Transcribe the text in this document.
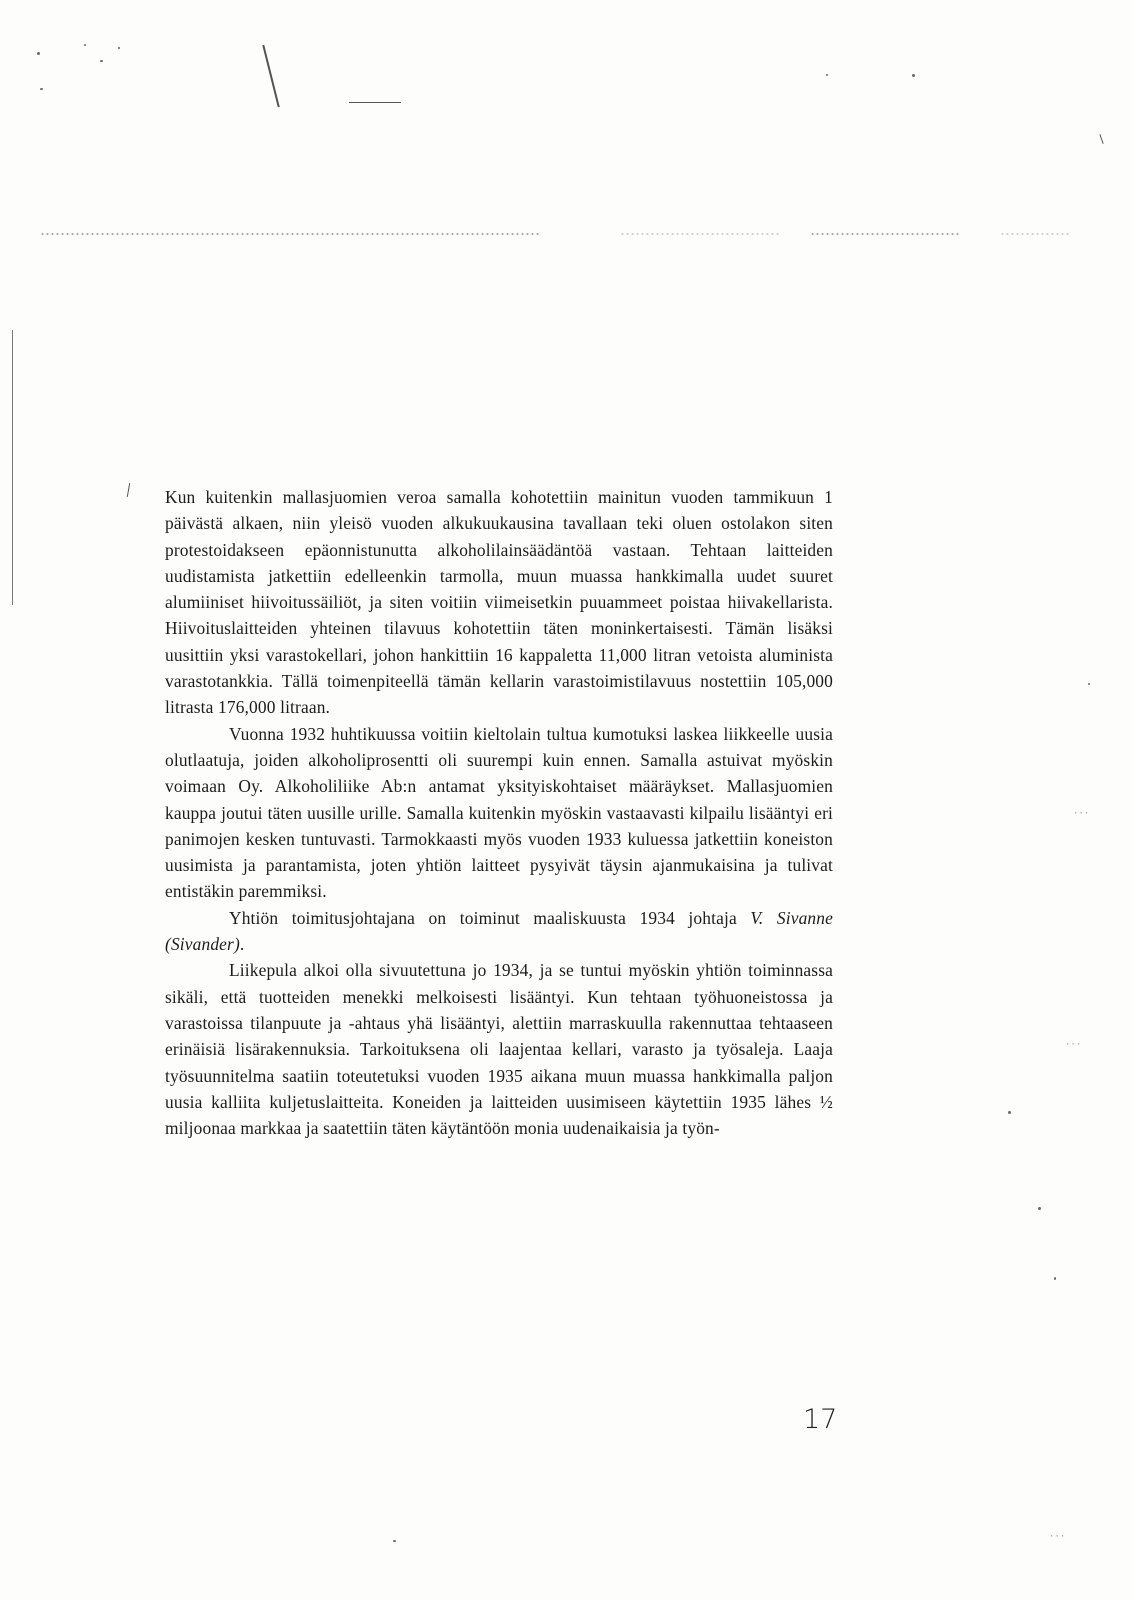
···
···
···

Kun kuitenkin mallasjuomien veroa samalla kohotettiin mainitun vuoden tammikuun 1 päivästä alkaen, niin yleisö vuoden alkukuukausina tavallaan teki oluen ostolakon siten protestoidakseen epäonnistunutta alkoholilainsäädäntöä vastaan. Tehtaan laitteiden uudistamista jatkettiin edelleenkin tarmolla, muun muassa hankkimalla uudet suuret alumiiniset hiivoitussäiliöt, ja siten voitiin viimeisetkin puuammeet poistaa hiivakellarista. Hiivoituslaitteiden yhteinen tilavuus kohotettiin täten moninkertaisesti. Tämän lisäksi uusittiin yksi varastokellari, johon hankittiin 16 kappaletta 11,000 litran vetoista aluminista varastotankkia. Tällä toimenpiteellä tämän kellarin varastoimistilavuus nostettiin 105,000 litrasta 176,000 litraan.

Vuonna 1932 huhtikuussa voitiin kieltolain tultua kumotuksi laskea liikkeelle uusia olutlaatuja, joiden alkoholiprosentti oli suurempi kuin ennen. Samalla astuivat myöskin voimaan Oy. Alkoholiliike Ab:n antamat yksityiskohtaiset määräykset. Mallasjuomien kauppa joutui täten uusille urille. Samalla kuitenkin myöskin vastaavasti kilpailu lisääntyi eri panimojen kesken tuntuvasti. Tarmokkaasti myös vuoden 1933 kuluessa jatkettiin koneiston uusimista ja parantamista, joten yhtiön laitteet pysyivät täysin ajanmukaisina ja tulivat entistäkin paremmiksi.

Yhtiön toimitusjohtajana on toiminut maaliskuusta 1934 johtaja V. Sivanne (Sivander).

Liikepula alkoi olla sivuutettuna jo 1934, ja se tuntui myöskin yhtiön toiminnassa sikäli, että tuotteiden menekki melkoisesti lisääntyi. Kun tehtaan työhuoneistossa ja varastoissa tilanpuute ja -ahtaus yhä lisääntyi, alettiin marraskuulla rakennuttaa tehtaaseen erinäisiä lisärakennuksia. Tarkoituksena oli laajentaa kellari, varasto ja työsaleja. Laaja työsuunnitelma saatiin toteutetuksi vuoden 1935 aikana muun muassa hankkimalla paljon uusia kalliita kuljetuslaitteita. Koneiden ja laitteiden uusimiseen käytettiin 1935 lähes ½ miljoonaa markkaa ja saatettiin täten käytäntöön monia uudenaikaisia ja työn-

17
